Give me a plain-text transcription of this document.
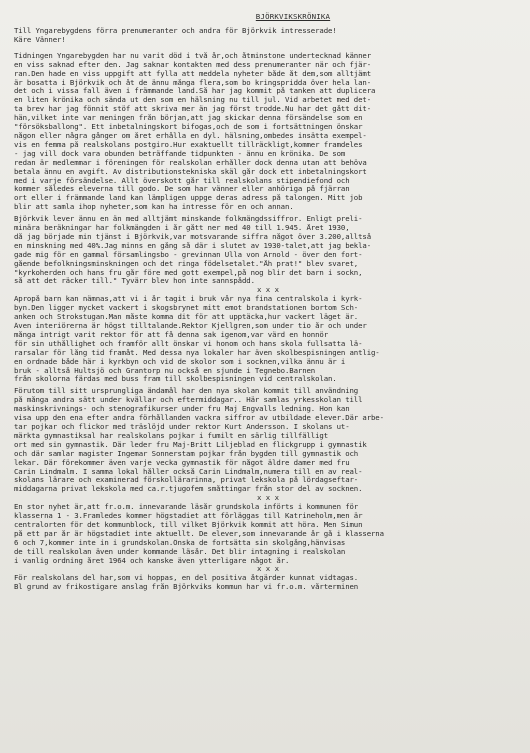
BJÖRKVIKSKRÖNIKA
Till Yngarebygdens förra prenumeranter och andra för Björkvik intresserade!
Käre Vänner!
Tidningen Yngarebygden har nu varit död i två år,och åtminstone undertecknad känner
en viss saknad efter den. Jag saknar kontakten med dess prenumeranter när och fjär-
ran.Den hade en viss uppgift att fylla att meddela nyheter både åt dem,som alltjämt
är bosatta i Björkvik och åt de ännu många flera,som bo kringspridda över hela lan-
det och i vissa fall även i främmande land.Så har jag kommit på tanken att duplicera
en liten krönika och sända ut den som en hälsning nu till jul. Vid arbetet med det-
ta brev har jag fönnit stöf att skriva mer än jag först trodde.Nu har det gått dit-
hän,vilket inte var meningen från början,att jag skickar denna försändelse som en
"försöksballong". Ett inbetalningskort bifogas,och de som i fortsättningen önskar
någon eller några gånger om året erhålla en dyl. hälsning,ombedes insätta exempel-
vis en femma på realskolans postgiro.Hur exaktuellt tillräckligt,kommer framdeles
- jag vill dock vara obunden beträffande tidpunkten - ännu en krönika. De som
redan är medlemmar i föreningen för realskolan erhåller dock denna utan att behöva
betala ännu en avgift. Av distributionstekniska skäl går dock ett inbetalningskort
med i varje försändelse. Allt överskott går till realskolans stipendiefond och
kommer således eleverna till godo. De som har vänner eller anhöriga på fjärran
ort eller i främmande land kan lämpligen uppge deras adress på talongen. Mitt job
blir att samla ihop nyheter,som kan ha intresse för en och annan.
Björkvik lever ännu en än med alltjämt minskande folkmängdssiffror. Enligt preli-
minära beräkningar har folkmängden i år gått ner med 40 till 1.945. Året 1930,
då jag började min tjänst i Björkvik,var motsvarande siffra något över 3.200,alltså
en minskning med 40%.Jag minns en gång så där i slutet av 1930-talet,att jag bekla-
gade mig för en gammal församlingsbo - grevinnan Ulla von Arnold - över den fort-
gående befolkningsminskningen och det ringa födelsetalet."Åh prat!" blev svaret,
"kyrkoherden och hans fru går före med gott exempel,på nog blir det barn i sockn,
så att det räcker till." Tyvärr blev hon inte sannspådd.
x x x
Apropå barn kan nämnas,att vi i år tagit i bruk vår nya fina centralskola i kyrk-
byn.Den ligger mycket vackert i skogsbrynet mitt emot brandstationen bortom Sch-
anken och Strokstugan.Man måste komma dit för att upptäcka,hur vackert läget är.
Även interiörerna är högst tilltalande.Rektor Kjellgren,som under tio år och under
många intrigt varit rektor för att få denna sak igenom,var värd en honnör
för sin uthållighet och framför allt önskar vi honom och hans skola fullsatta lä-
rarsalar för lång tid framåt. Med dessa nya lokaler har även skolbespisningen antlig-
en ordnade både här i kyrkbyn och vid de skolor som i socknen,vilka ännu är i
bruk - alltså Hultsjö och Grantorp nu också en sjunde i Tegnebo.Barnen
från skolorna färdas med buss fram till skolbespisningen vid centralskolan.
Förutom till sitt ursprungliga ändamål har den nya skolan kommit till användning
på många andra sätt under kvällar och eftermiddagar.. Här samlas yrkesskolan till
maskinskrivnings- och stenografikurser under fru Maj Engvalls ledning. Hon kan
visa upp den ena efter andra förhållanden vackra siffror av utbildade elever.Där arbe-
tar pojkar och flickor med träslöjd under rektor Kurt Andersson. I skolans ut-
märkta gymnastiksal har realskolans pojkar i fumilt en särlig tillfälligt
ort med sin gymnastik. Där leder fru Maj-Britt Liljeblad en flickgrupp i gymnastik
och där samlar magister Ingemar Sonnerstam pojkar från bygden till gymnastik och
lekar. Där förekommer även varje vecka gymnastik för något äldre damer med fru
Carin Lindmalm. I samma lokal håller också Carin Lindmalm,numera till en av real-
skolans lärare och examinerad förskollärarinna, privat lekskola på lördagseftar-
middagarna privat lekskola med ca.r.tjugofem småttingar från stor del av socknen.
x x x
En stor nyhet är,att fr.o.m. innevarande läsår grundskola införts i kommunen för
klasserna 1 - 3.Framledes kommer högstadiet att förläggas till Katrineholm,men är
centralorten för det kommunblock, till vilket Björkvik kommit att höra. Men Simun
på ett par år är högstadiet inte aktuellt. De elever,som innevarande år gå i klasserna
6 och 7,kommer inte in i grundskolan.Önska de fortsätta sin skolgång,hänvisas
de till realskolan även under kommande läsår. Det blir intagning i realskolan
i vanlig ordning året 1964 och kanske även ytterligare något år.
x x x
För realskolans del har,som vi hoppas, en del positiva åtgärder kunnat vidtagas.
Bl grund av frikostigare anslag från Björkviks kommun har vi fr.o.m. vårterminen
